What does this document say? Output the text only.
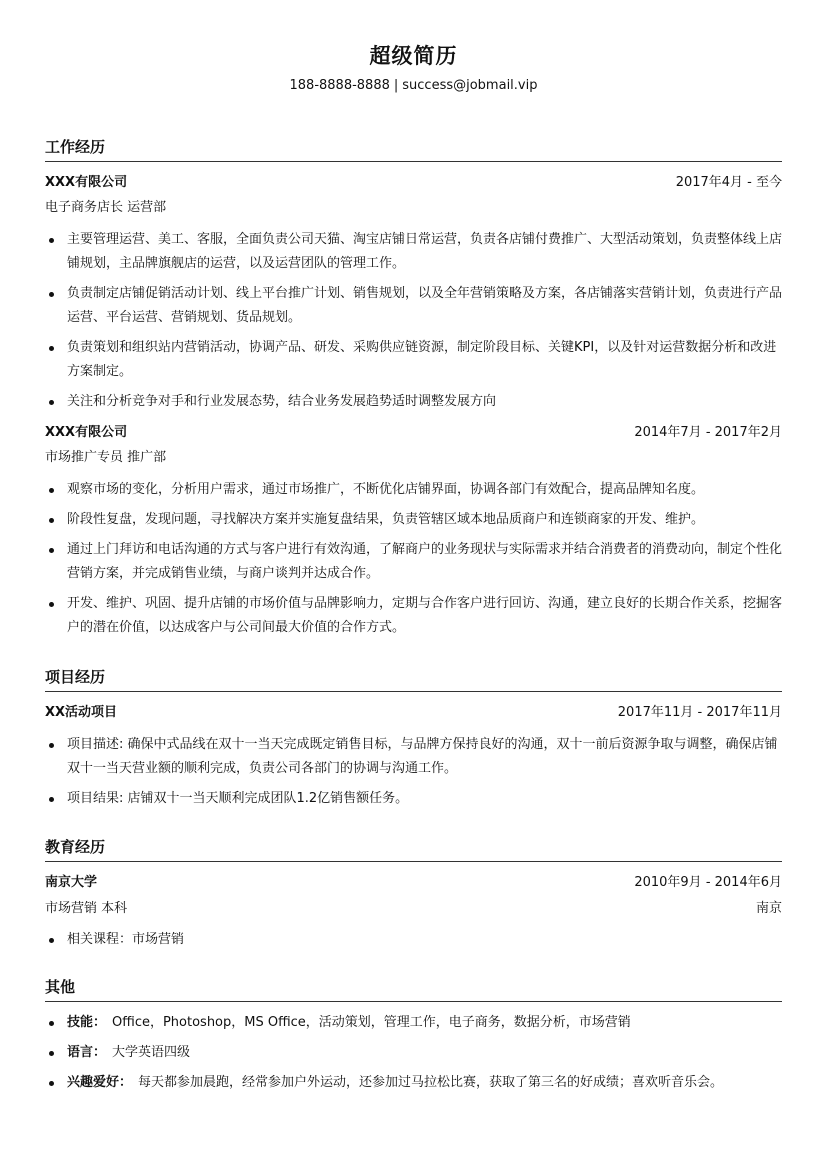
超级简历
188-8888-8888 | success@jobmail.vip
工作经历
XXX有限公司	2017年4月 - 至今
电子商务店长 运营部
主要管理运营、美工、客服，全面负责公司天猫、淘宝店铺日常运营，负责各店铺付费推广、大型活动策划，负责整体线上店铺规划，主品牌旗舰店的运营，以及运营团队的管理工作。
负责制定店铺促销活动计划、线上平台推广计划、销售规划，以及全年营销策略及方案，各店铺落实营销计划，负责进行产品运营、平台运营、营销规划、货品规划。
负责策划和组织站内营销活动，协调产品、研发、采购供应链资源，制定阶段目标、关键KPI，以及针对运营数据分析和改进方案制定。
关注和分析竞争对手和行业发展态势，结合业务发展趋势适时调整发展方向
XXX有限公司	2014年7月 - 2017年2月
市场推广专员 推广部
观察市场的变化，分析用户需求，通过市场推广，不断优化店铺界面，协调各部门有效配合，提高品牌知名度。
阶段性复盘，发现问题，寻找解决方案并实施复盘结果，负责管辖区域本地品质商户和连锁商家的开发、维护。
通过上门拜访和电话沟通的方式与客户进行有效沟通，了解商户的业务现状与实际需求并结合消费者的消费动向，制定个性化营销方案，并完成销售业绩，与商户谈判并达成合作。
开发、维护、巩固、提升店铺的市场价值与品牌影响力，定期与合作客户进行回访、沟通，建立良好的长期合作关系，挖掘客户的潜在价值，以达成客户与公司间最大价值的合作方式。
项目经历
XX活动项目	2017年11月 - 2017年11月
项目描述: 确保中式品线在双十一当天完成既定销售目标，与品牌方保持良好的沟通，双十一前后资源争取与调整，确保店铺双十一当天营业额的顺利完成，负责公司各部门的协调与沟通工作。
项目结果: 店铺双十一当天顺利完成团队1.2亿销售额任务。
教育经历
南京大学	2010年9月 - 2014年6月
市场营销 本科	南京
相关课程：市场营销
其他
技能： Office，Photoshop，MS Office，活动策划，管理工作，电子商务，数据分析，市场营销
语言： 大学英语四级
兴趣爱好： 每天都参加晨跑，经常参加户外运动，还参加过马拉松比赛，获取了第三名的好成绩；喜欢听音乐会。
